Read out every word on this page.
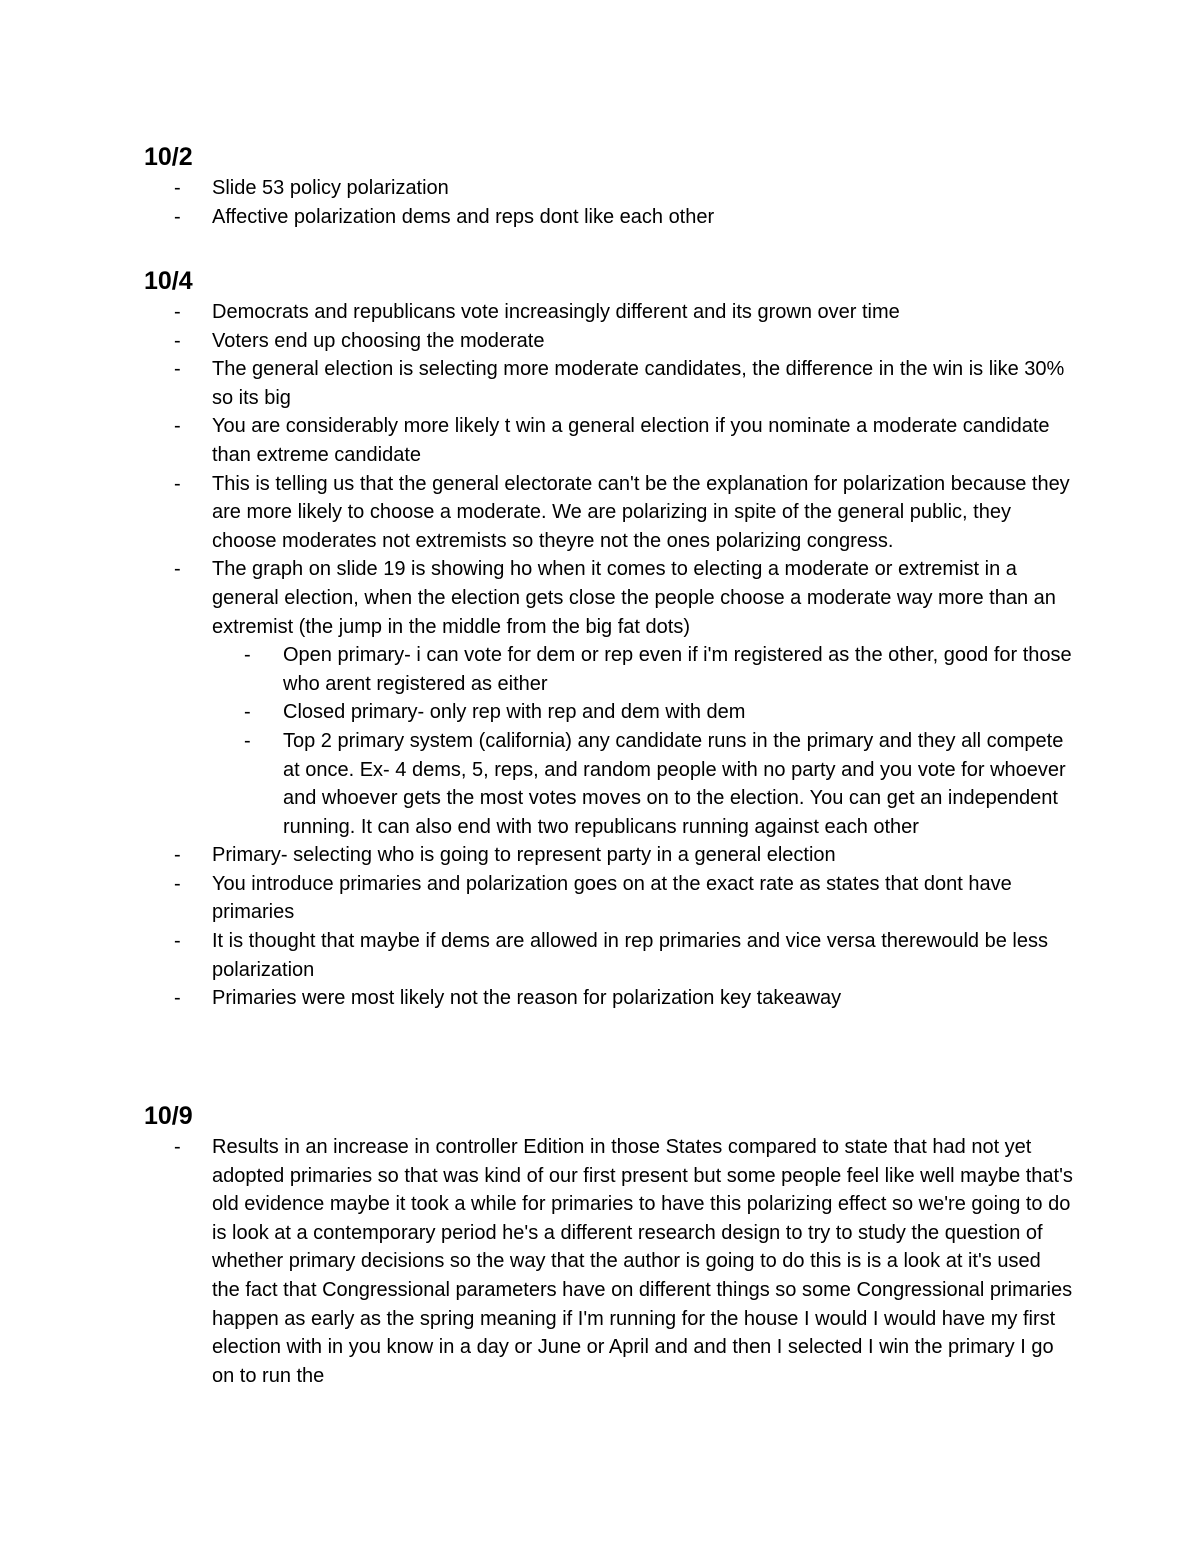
10/2
- Slide 53 policy polarization
- Affective polarization dems and reps dont like each other
10/4
- Democrats and republicans vote increasingly different and its grown over time
- Voters end up choosing the moderate
- The general election is selecting more moderate candidates, the difference in the win is like 30% so its big
- You are considerably more likely t win a general election if you nominate a moderate candidate than extreme candidate
- This is telling us that the general electorate can't be the explanation for polarization because they are more likely to choose a moderate. We are polarizing in spite of the general public, they choose moderates not extremists so theyre not the ones polarizing congress.
- The graph on slide 19 is showing ho when it comes to electing a moderate or extremist in a general election, when the election gets close the people choose a moderate way more than an extremist (the jump in the middle from the big fat dots)
- Open primary- i can vote for dem or rep even if i'm registered as the other, good for those who arent registered as either
- Closed primary- only rep with rep and dem with dem
- Top 2 primary system (california) any candidate runs in the primary and they all compete at once. Ex- 4 dems, 5, reps, and random people with no party and you vote for whoever and whoever gets the most votes moves on to the election. You can get an independent running. It can also end with two republicans running against each other
- Primary- selecting who is going to represent party in a general election
- You introduce primaries and polarization goes on at the exact rate as states that dont have primaries
- It is thought that maybe if dems are allowed in rep primaries and vice versa therewould be less polarization
- Primaries were most likely not the reason for polarization key takeaway
10/9
- Results in an increase in controller Edition in those States compared to state that had not yet adopted primaries so that was kind of our first present but some people feel like well maybe that's old evidence maybe it took a while for primaries to have this polarizing effect so we're going to do is look at a contemporary period he's a different research design to try to study the question of whether primary decisions so the way that the author is going to do this is is a look at it's used the fact that Congressional parameters have on different things so some Congressional primaries happen as early as the spring meaning if I'm running for the house I would I would have my first election with in you know in a day or June or April and and then I selected I win the primary I go on to run the
